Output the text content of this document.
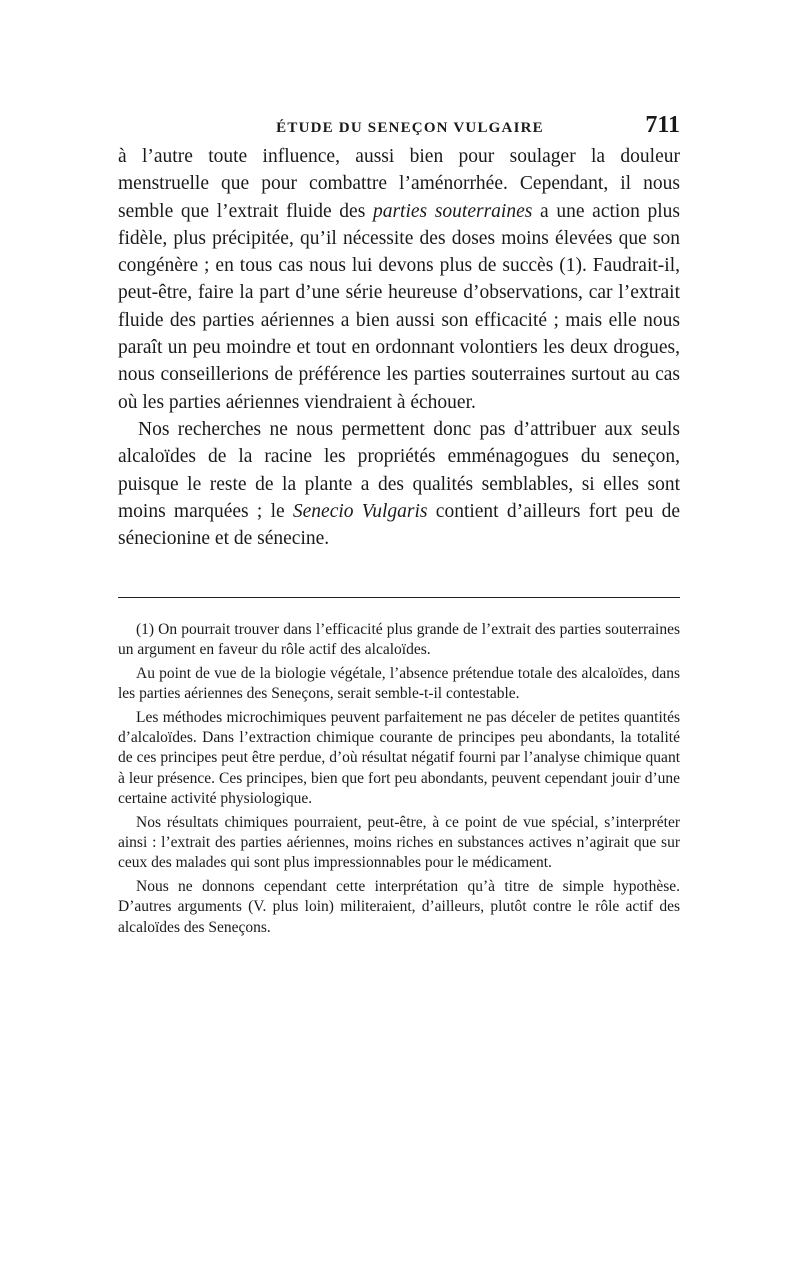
ÉTUDE DU SENEÇON VULGAIRE	711

à l’autre toute influence, aussi bien pour soulager la douleur menstruelle que pour combattre l’aménorrhée. Cependant, il nous semble que l’extrait fluide des parties souterraines a une action plus fidèle, plus précipitée, qu’il nécessite des doses moins élevées que son congénère ; en tous cas nous lui devons plus de succès (1). Faudrait-il, peut-être, faire la part d’une série heureuse d’observations, car l’extrait fluide des parties aériennes a bien aussi son efficacité ; mais elle nous paraît un peu moindre et tout en ordonnant volontiers les deux drogues, nous conseillerions de préférence les parties souterraines surtout au cas où les parties aériennes viendraient à échouer.

Nos recherches ne nous permettent donc pas d’attribuer aux seuls alcaloïdes de la racine les propriétés emménagogues du seneçon, puisque le reste de la plante a des qualités semblables, si elles sont moins marquées ; le Senecio Vulgaris contient d’ailleurs fort peu de sénecionine et de sénecine.

(1) On pourrait trouver dans l’efficacité plus grande de l’extrait des parties souterraines un argument en faveur du rôle actif des alcaloïdes.

Au point de vue de la biologie végétale, l’absence prétendue totale des alcaloïdes, dans les parties aériennes des Seneçons, serait semble-t-il contestable.

Les méthodes microchimiques peuvent parfaitement ne pas déceler de petites quantités d’alcaloïdes. Dans l’extraction chimique courante de principes peu abondants, la totalité de ces principes peut être perdue, d’où résultat négatif fourni par l’analyse chimique quant à leur présence. Ces principes, bien que fort peu abondants, peuvent cependant jouir d’une certaine activité physiologique.

Nos résultats chimiques pourraient, peut-être, à ce point de vue spécial, s’interpréter ainsi : l’extrait des parties aériennes, moins riches en substances actives n’agirait que sur ceux des malades qui sont plus impressionnables pour le médicament.

Nous ne donnons cependant cette interprétation qu’à titre de simple hypothèse. D’autres arguments (V. plus loin) militeraient, d’ailleurs, plutôt contre le rôle actif des alcaloïdes des Seneçons.
